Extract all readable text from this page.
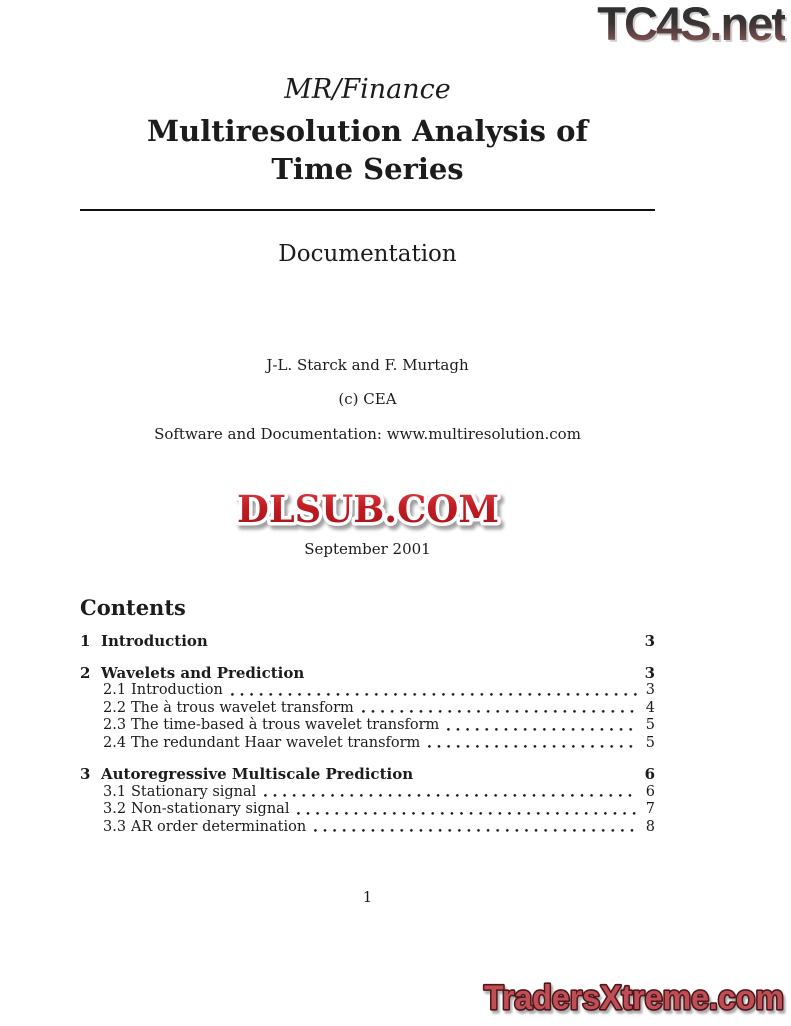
TC4S.net
MR/Finance
Multiresolution Analysis of
Time Series
Documentation
J-L. Starck and F. Murtagh
(c) CEA
Software and Documentation: www.multiresolution.com
DLSUB.COM
September 2001
Contents
1 Introduction	3
2 Wavelets and Prediction	3
2.1 Introduction	3
2.2 The à trous wavelet transform	4
2.3 The time-based à trous wavelet transform	5
2.4 The redundant Haar wavelet transform	5
3 Autoregressive Multiscale Prediction	6
3.1 Stationary signal	6
3.2 Non-stationary signal	7
3.3 AR order determination	8
1
TradersXtreme.com
